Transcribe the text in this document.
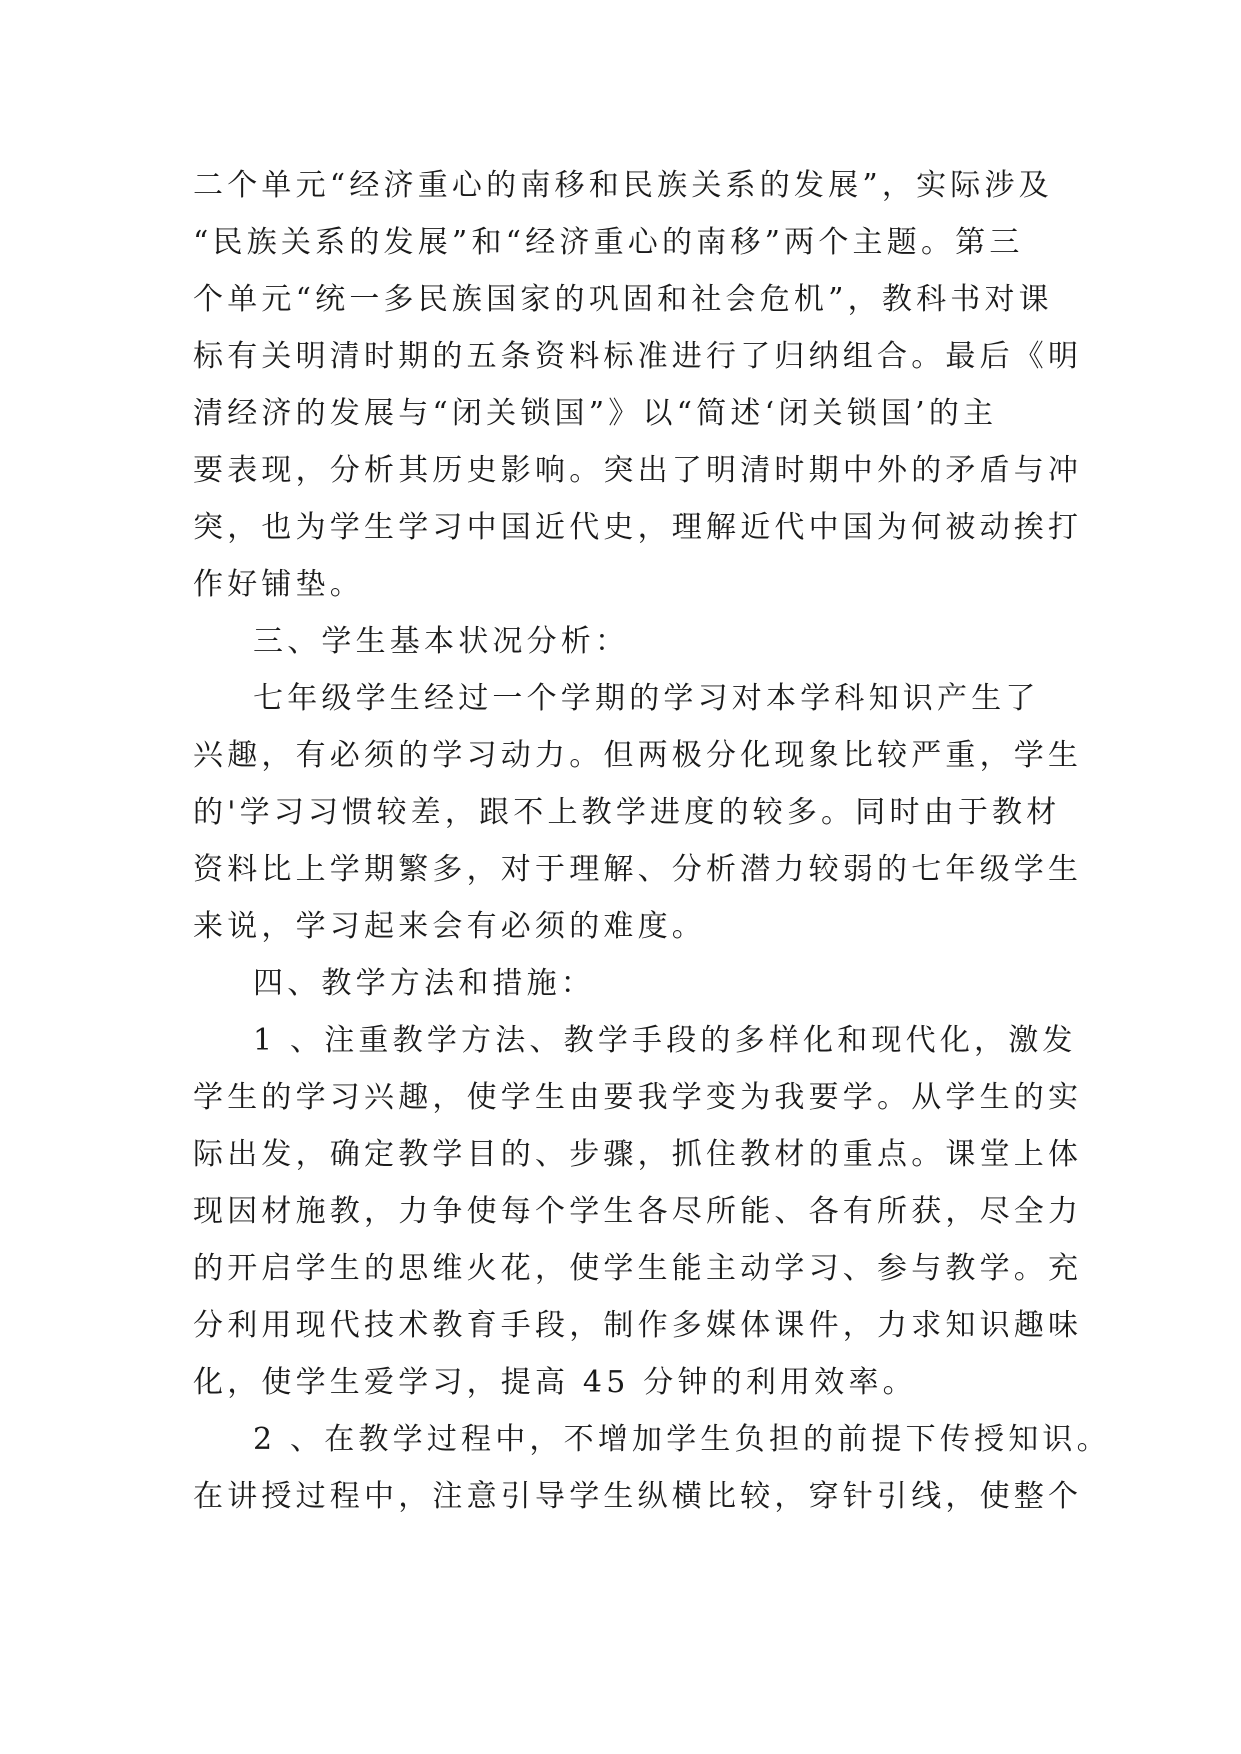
二个单元“经济重心的南移和民族关系的发展”，实际涉及
“民族关系的发展”和“经济重心的南移”两个主题。第三
个单元“统一多民族国家的巩固和社会危机”，教科书对课
标有关明清时期的五条资料标准进行了归纳组合。最后《明
清经济的发展与“闭关锁国”》以“简述‘闭关锁国’的主
要表现，分析其历史影响。突出了明清时期中外的矛盾与冲
突，也为学生学习中国近代史，理解近代中国为何被动挨打
作好铺垫。
三、学生基本状况分析：
七年级学生经过一个学期的学习对本学科知识产生了
兴趣，有必须的学习动力。但两极分化现象比较严重，学生
的'学习习惯较差，跟不上教学进度的较多。同时由于教材
资料比上学期繁多，对于理解、分析潜力较弱的七年级学生
来说，学习起来会有必须的难度。
四、教学方法和措施：
1 、注重教学方法、教学手段的多样化和现代化，激发
学生的学习兴趣，使学生由要我学变为我要学。从学生的实
际出发，确定教学目的、步骤，抓住教材的重点。课堂上体
现因材施教，力争使每个学生各尽所能、各有所获，尽全力
的开启学生的思维火花，使学生能主动学习、参与教学。充
分利用现代技术教育手段，制作多媒体课件，力求知识趣味
化，使学生爱学习，提高 45 分钟的利用效率。
2 、在教学过程中，不增加学生负担的前提下传授知识。
在讲授过程中，注意引导学生纵横比较，穿针引线，使整个
